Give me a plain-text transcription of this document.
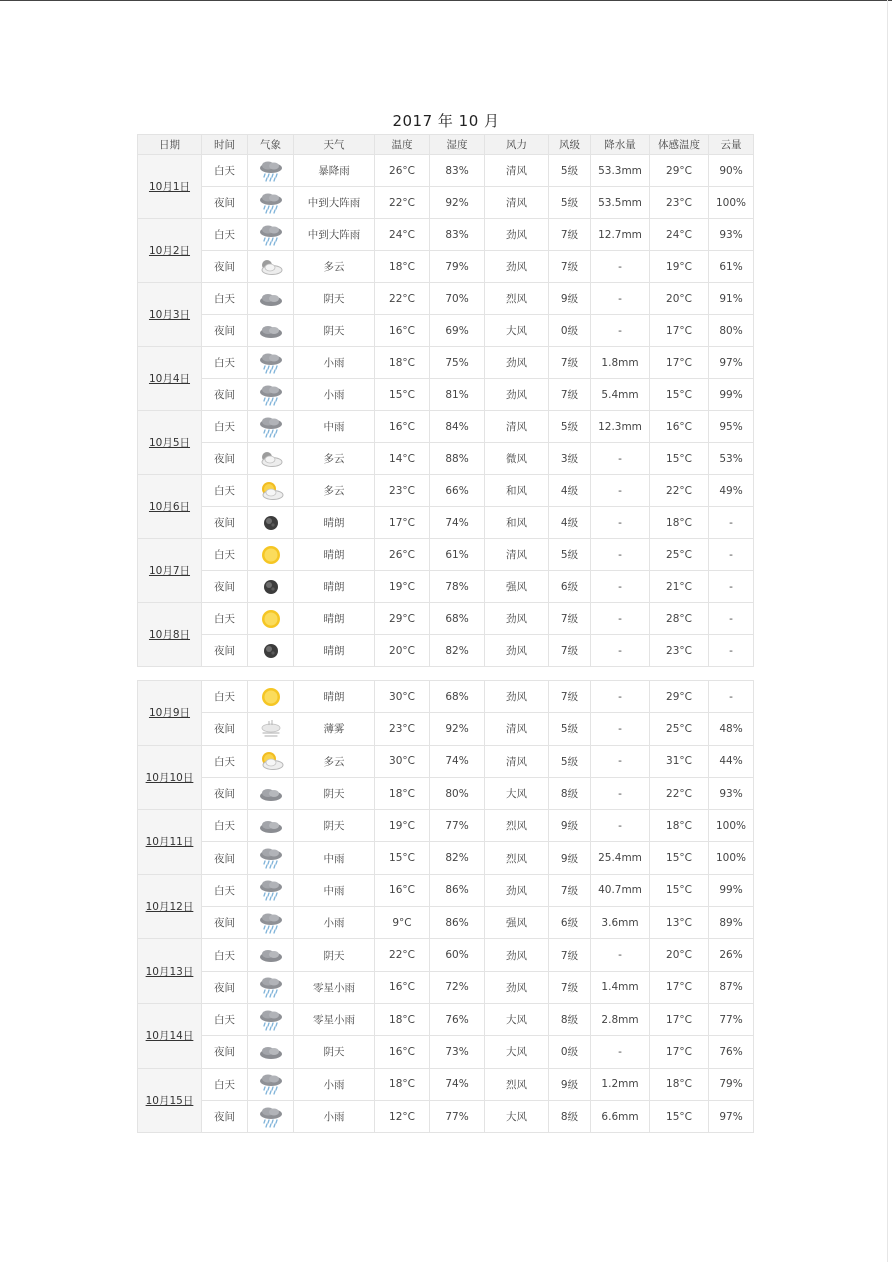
2017 年 10 月
日期	时间	气象	天气	温度	湿度	风力	风级	降水量	体感温度	云量
10月1日	白天		暴降雨	26°C	83%	清风	5级	53.3mm	29°C	90%
	夜间		中到大阵雨	22°C	92%	清风	5级	53.5mm	23°C	100%
10月2日	白天		中到大阵雨	24°C	83%	劲风	7级	12.7mm	24°C	93%
	夜间		多云	18°C	79%	劲风	7级	-	19°C	61%
10月3日	白天		阴天	22°C	70%	烈风	9级	-	20°C	91%
	夜间		阴天	16°C	69%	大风	0级	-	17°C	80%
10月4日	白天		小雨	18°C	75%	劲风	7级	1.8mm	17°C	97%
	夜间		小雨	15°C	81%	劲风	7级	5.4mm	15°C	99%
10月5日	白天		中雨	16°C	84%	清风	5级	12.3mm	16°C	95%
	夜间		多云	14°C	88%	微风	3级	-	15°C	53%
10月6日	白天		多云	23°C	66%	和风	4级	-	22°C	49%
	夜间		晴朗	17°C	74%	和风	4级	-	18°C	-
10月7日	白天		晴朗	26°C	61%	清风	5级	-	25°C	-
	夜间		晴朗	19°C	78%	强风	6级	-	21°C	-
10月8日	白天		晴朗	29°C	68%	劲风	7级	-	28°C	-
	夜间		晴朗	20°C	82%	劲风	7级	-	23°C	-
10月9日	白天		晴朗	30°C	68%	劲风	7级	-	29°C	-
	夜间		薄雾	23°C	92%	清风	5级	-	25°C	48%
10月10日	白天		多云	30°C	74%	清风	5级	-	31°C	44%
	夜间		阴天	18°C	80%	大风	8级	-	22°C	93%
10月11日	白天		阴天	19°C	77%	烈风	9级	-	18°C	100%
	夜间		中雨	15°C	82%	烈风	9级	25.4mm	15°C	100%
10月12日	白天		中雨	16°C	86%	劲风	7级	40.7mm	15°C	99%
	夜间		小雨	9°C	86%	强风	6级	3.6mm	13°C	89%
10月13日	白天		阴天	22°C	60%	劲风	7级	-	20°C	26%
	夜间		零星小雨	16°C	72%	劲风	7级	1.4mm	17°C	87%
10月14日	白天		零星小雨	18°C	76%	大风	8级	2.8mm	17°C	77%
	夜间		阴天	16°C	73%	大风	0级	-	17°C	76%
10月15日	白天		小雨	18°C	74%	烈风	9级	1.2mm	18°C	79%
	夜间		小雨	12°C	77%	大风	8级	6.6mm	15°C	97%
